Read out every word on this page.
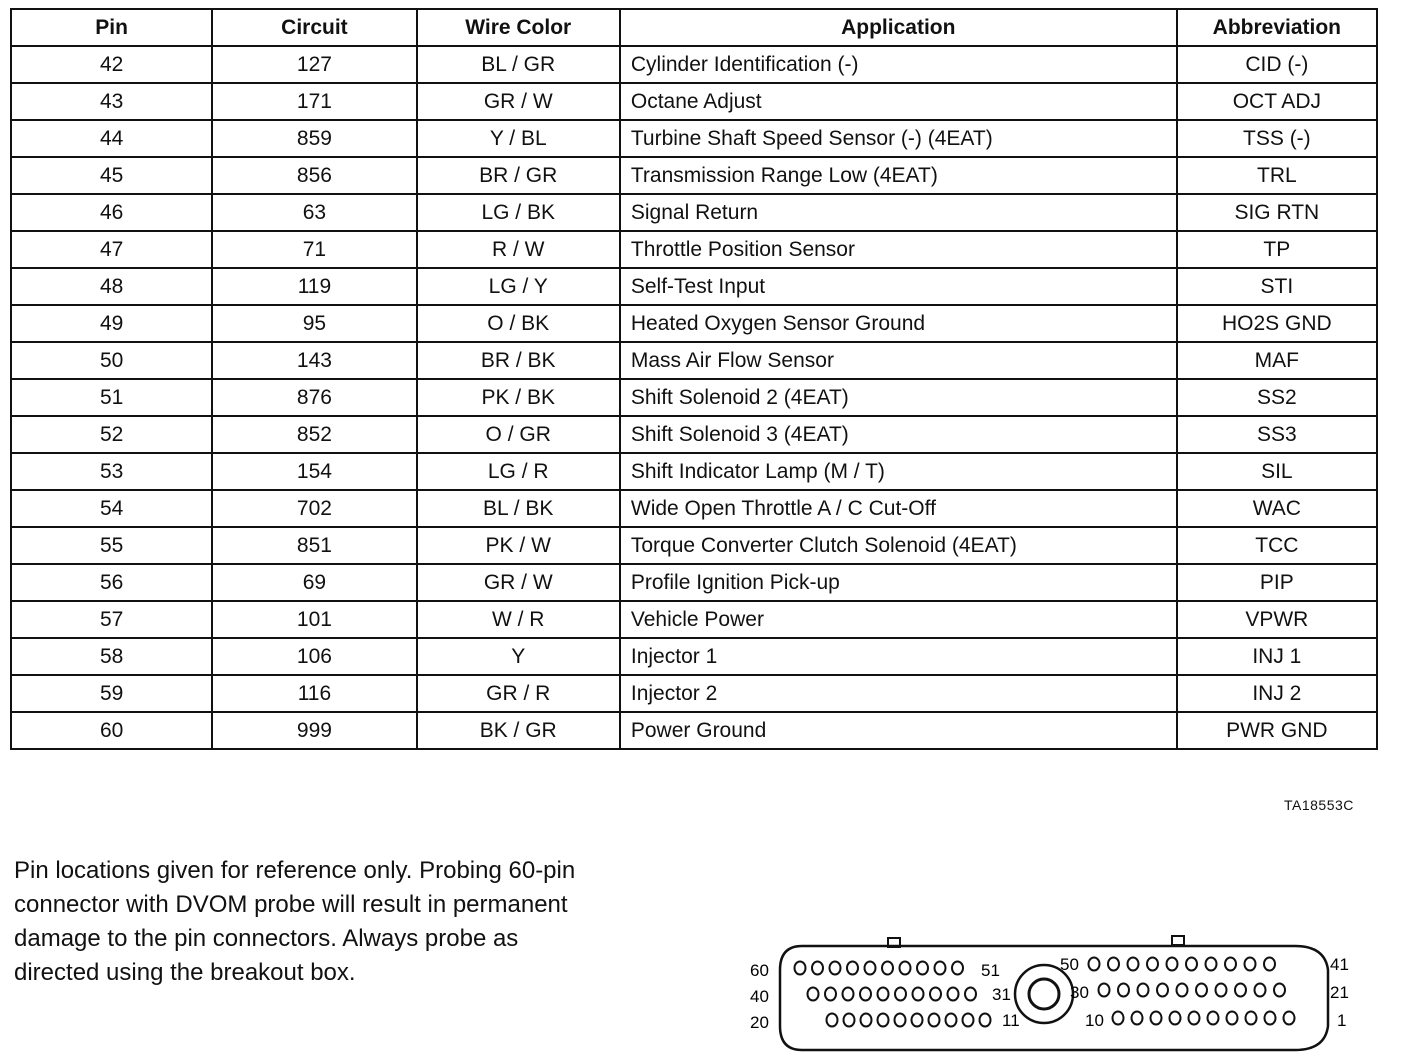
Pin	Circuit	Wire Color	Application	Abbreviation
42	127	BL / GR	Cylinder Identification (-)	CID (-)
43	171	GR / W	Octane Adjust	OCT ADJ
44	859	Y / BL	Turbine Shaft Speed Sensor (-) (4EAT)	TSS (-)
45	856	BR / GR	Transmission Range Low (4EAT)	TRL
46	63	LG / BK	Signal Return	SIG RTN
47	71	R / W	Throttle Position Sensor	TP
48	119	LG / Y	Self-Test Input	STI
49	95	O / BK	Heated Oxygen Sensor Ground	HO2S GND
50	143	BR / BK	Mass Air Flow Sensor	MAF
51	876	PK / BK	Shift Solenoid 2 (4EAT)	SS2
52	852	O / GR	Shift Solenoid 3 (4EAT)	SS3
53	154	LG / R	Shift Indicator Lamp (M / T)	SIL
54	702	BL / BK	Wide Open Throttle A / C Cut-Off	WAC
55	851	PK / W	Torque Converter Clutch Solenoid (4EAT)	TCC
56	69	GR / W	Profile Ignition Pick-up	PIP
57	101	W / R	Vehicle Power	VPWR
58	106	Y	Injector 1	INJ 1
59	116	GR / R	Injector 2	INJ 2
60	999	BK / GR	Power Ground	PWR GND
TA18553C
Pin locations given for reference only. Probing 60-pin
connector with DVOM probe will result in permanent
damage to the pin connectors. Always probe as
directed using the breakout box.	60
40
20
51
31
11
50
30
10
41
21
1
